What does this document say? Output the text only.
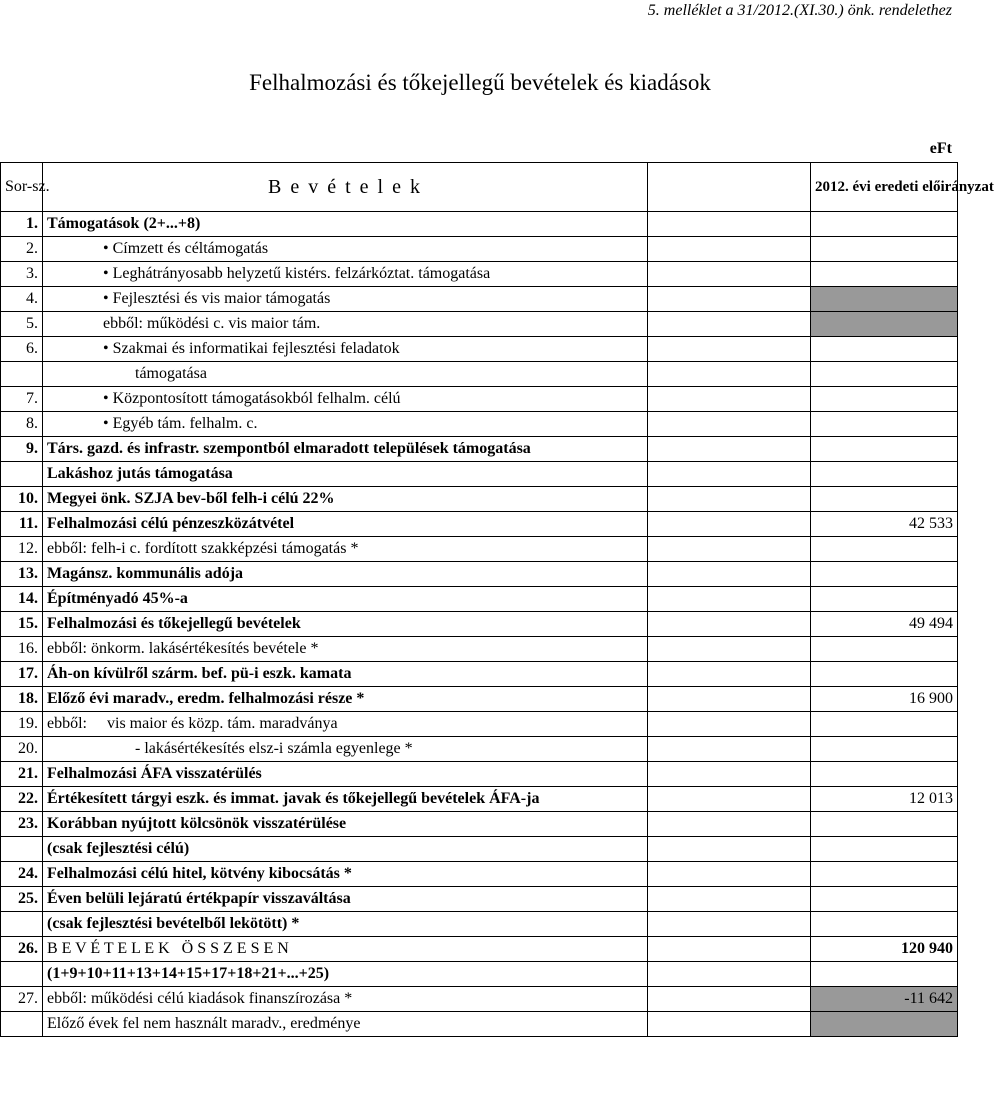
5. melléklet a 31/2012.(XI.30.) önk. rendelethez
Felhalmozási és tőkejellegű bevételek és kiadások
eFt
Sor-sz.	B e v é t e l e k		2012. évi eredeti előirányzat
1.	Támogatások (2+...+8)		
2.	• Címzett és céltámogatás		
3.	• Leghátrányosabb helyzetű kistérs. felzárkóztat. támogatása		
4.	• Fejlesztési és vis maior támogatás		
5.	ebből: működési c. vis maior tám.		
6.	• Szakmai és informatikai fejlesztési feladatok		
	támogatása		
7.	• Központosított támogatásokból felhalm. célú		
8.	• Egyéb tám. felhalm. c.		
9.	Társ. gazd. és infrastr. szempontból elmaradott települések támogatása		
	Lakáshoz jutás támogatása		
10.	Megyei önk. SZJA bev-ből felh-i célú 22%		
11.	Felhalmozási célú pénzeszközátvétel		42 533
12.	ebből: felh-i c. fordított szakképzési támogatás *		
13.	Magánsz. kommunális adója		
14.	Építményadó 45%-a		
15.	Felhalmozási és tőkejellegű bevételek		49 494
16.	ebből: önkorm. lakásértékesítés bevétele *		
17.	Áh-on kívülről szárm. bef. pü-i eszk. kamata		
18.	Előző évi maradv., eredm. felhalmozási része *		16 900
19.	ebből:     vis maior és közp. tám. maradványa		
20.	- lakásértékesítés elsz-i számla egyenlege *		
21.	Felhalmozási ÁFA visszatérülés		
22.	Értékesített tárgyi eszk. és immat. javak és tőkejellegű bevételek ÁFA-ja		12 013
23.	Korábban nyújtott kölcsönök visszatérülése		
	(csak fejlesztési célú)		
24.	Felhalmozási célú hitel, kötvény kibocsátás *		
25.	Éven belüli lejáratú értékpapír visszaváltása		
	(csak fejlesztési bevételből lekötött) *		
26.	B E V É T E L E K   Ö S S Z E S E N		120 940
	(1+9+10+11+13+14+15+17+18+21+...+25)		
27.	ebből: működési célú kiadások finanszírozása *		-11 642
	Előző évek fel nem használt maradv., eredménye		
